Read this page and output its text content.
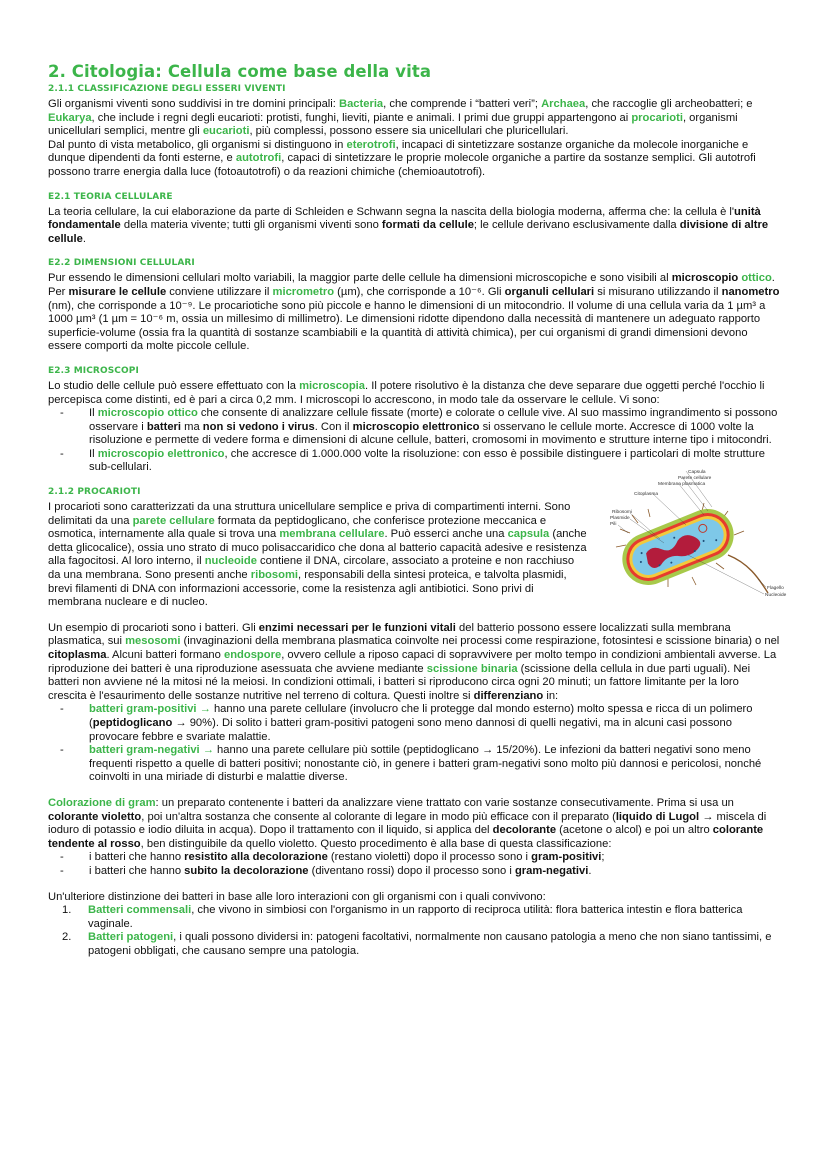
2. Citologia: Cellula come base della vita
2.1.1 CLASSIFICAZIONE DEGLI ESSERI VIVENTI

Gli organismi viventi sono suddivisi in tre domini principali: Bacteria, che comprende i “batteri veri”; Archaea, che raccoglie gli archeobatteri; e Eukarya, che include i regni degli eucarioti: protisti, funghi, lieviti, piante e animali. I primi due gruppi appartengono ai procarioti, organismi unicellulari semplici, mentre gli eucarioti, più complessi, possono essere sia unicellulari che pluricellulari.

Dal punto di vista metabolico, gli organismi si distinguono in eterotrofi, incapaci di sintetizzare sostanze organiche da molecole inorganiche e dunque dipendenti da fonti esterne, e autotrofi, capaci di sintetizzare le proprie molecole organiche a partire da sostanze semplici. Gli autotrofi possono trarre energia dalla luce (fotoautotrofi) o da reazioni chimiche (chemioautotrofi).

E2.1 TEORIA CELLULARE

La teoria cellulare, la cui elaborazione da parte di Schleiden e Schwann segna la nascita della biologia moderna, afferma che: la cellula è l'unità fondamentale della materia vivente; tutti gli organismi viventi sono formati da cellule; le cellule derivano esclusivamente dalla divisione di altre cellule.

E2.2 DIMENSIONI CELLULARI

Pur essendo le dimensioni cellulari molto variabili, la maggior parte delle cellule ha dimensioni microscopiche e sono visibili al microscopio ottico. Per misurare le cellule conviene utilizzare il micrometro (µm), che corrisponde a 10⁻⁶. Gli organuli cellulari si misurano utilizzando il nanometro (nm), che corrisponde a 10⁻⁹. Le procariotiche sono più piccole e hanno le dimensioni di un mitocondrio. Il volume di una cellula varia da 1 µm³ a 1000 µm³ (1 µm = 10⁻⁶ m, ossia un millesimo di millimetro). Le dimensioni ridotte dipendono dalla necessità di mantenere un adeguato rapporto superficie-volume (ossia fra la quantità di sostanze scambiabili e la quantità di attività chimica), per cui organismi di grandi dimensioni devono essere comporti da molte piccole cellule.

E2.3 MICROSCOPI

Lo studio delle cellule può essere effettuato con la microscopia. Il potere risolutivo è la distanza che deve separare due oggetti perché l'occhio li percepisca come distinti, ed è pari a circa 0,2 mm. I microscopi lo accrescono, in modo tale da osservare le cellule. Vi sono:

- Il microscopio ottico che consente di analizzare cellule fissate (morte) e colorate o cellule vive. Al suo massimo ingrandimento si possono osservare i batteri ma non si vedono i virus. Con il microscopio elettronico si osservano le cellule morte. Accresce di 1000 volte la risoluzione e permette di vedere forma e dimensioni di alcune cellule, batteri, cromosomi in movimento e strutture interne tipo i mitocondri.
- Il microscopio elettronico, che accresce di 1.000.000 volte la risoluzione: con esso è possibile distinguere i particolari di molte strutture sub-cellulari.
2.1.2 PROCARIOTI

I procarioti sono caratterizzati da una struttura unicellulare semplice e priva di compartimenti interni. Sono delimitati da una parete cellulare formata da peptidoglicano, che conferisce protezione meccanica e osmotica, internamente alla quale si trova una membrana cellulare. Può esserci anche una capsula (anche detta glicocalice), ossia uno strato di muco polisaccaridico che dona al batterio capacità adesive e resistenza alla fagocitosi. Al loro interno, il nucleoide contiene il DNA, circolare, associato a proteine e non racchiuso da una membrana. Sono presenti anche ribosomi, responsabili della sintesi proteica, e talvolta plasmidi, brevi filamenti di DNA con informazioni accessorie, come la resistenza agli antibiotici. Sono privi di membrana nucleare e di nucleo.

Capsula
Parete cellulare
Membrana plasmatica
Citoplasma
Ribosomi
Plasmide
Pili
Flagello
Nucleoide

Un esempio di procarioti sono i batteri. Gli enzimi necessari per le funzioni vitali del batterio possono essere localizzati sulla membrana plasmatica, sui mesosomi (invaginazioni della membrana plasmatica coinvolte nei processi come respirazione, fotosintesi e scissione binaria) o nel citoplasma. Alcuni batteri formano endospore, ovvero cellule a riposo capaci di sopravvivere per molto tempo in condizioni ambientali avverse. La riproduzione dei batteri è una riproduzione asessuata che avviene mediante scissione binaria (scissione della cellula in due parti uguali). Nei batteri non avviene né la mitosi né la meiosi. In condizioni ottimali, i batteri si riproducono circa ogni 20 minuti; un fattore limitante per la loro crescita è l'esaurimento delle sostanze nutritive nel terreno di coltura. Questi inoltre si differenziano in:

- batteri gram-positivi → hanno una parete cellulare (involucro che li protegge dal mondo esterno) molto spessa e ricca di un polimero (peptidoglicano → 90%). Di solito i batteri gram-positivi patogeni sono meno dannosi di quelli negativi, ma in alcuni casi possono provocare febbre e svariate malattie.
- batteri gram-negativi → hanno una parete cellulare più sottile (peptidoglicano → 15/20%). Le infezioni da batteri negativi sono meno frequenti rispetto a quelle di batteri positivi; nonostante ciò, in genere i batteri gram-negativi sono molto più dannosi e pericolosi, nonché coinvolti in una miriade di disturbi e malattie diverse.

Colorazione di gram: un preparato contenente i batteri da analizzare viene trattato con varie sostanze consecutivamente. Prima si usa un colorante violetto, poi un'altra sostanza che consente al colorante di legare in modo più efficace con il preparato (liquido di Lugol → miscela di ioduro di potassio e iodio diluita in acqua). Dopo il trattamento con il liquido, si applica del decolorante (acetone o alcol) e poi un altro colorante tendente al rosso, ben distinguibile da quello violetto. Questo procedimento è alla base di questa classificazione:

- i batteri che hanno resistito alla decolorazione (restano violetti) dopo il processo sono i gram-positivi;
- i batteri che hanno subito la decolorazione (diventano rossi) dopo il processo sono i gram-negativi.

Un'ulteriore distinzione dei batteri in base alle loro interazioni con gli organismi con i quali convivono:

1. Batteri commensali, che vivono in simbiosi con l'organismo in un rapporto di reciproca utilità: flora batterica intestin e flora batterica vaginale.
2. Batteri patogeni, i quali possono dividersi in: patogeni facoltativi, normalmente non causano patologia a meno che non siano tantissimi, e patogeni obbligati, che causano sempre una patologia.
